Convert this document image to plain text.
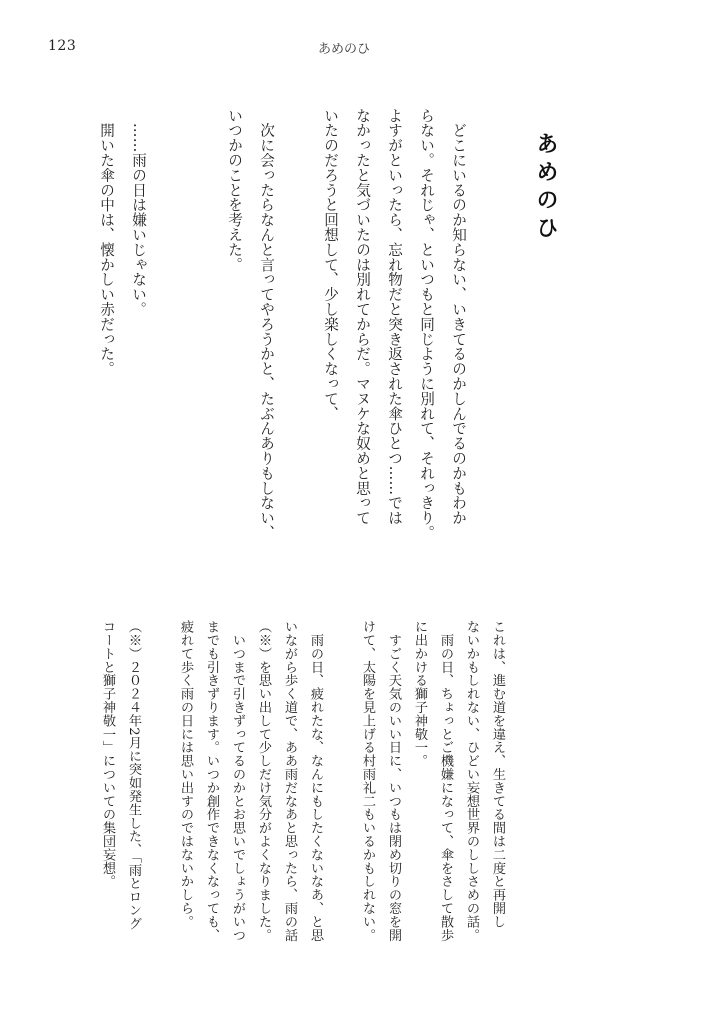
123	あめのひ
あめのひ

　どこにいるのか知らない、いきてるのかしんでるのかもわか

らない。それじゃ、といつもと同じように別れて、それっきり。

よすがといったら、忘れ物だと突き返された傘ひとつ……では

なかったと気づいたのは別れてからだ。マヌケな奴めと思って

いたのだろうと回想して、少し楽しくなって、

　次に会ったらなんと言ってやろうかと、たぶんありもしない、

いつかのことを考えた。

　……雨の日は嫌いじゃない。

　開いた傘の中は、懐かしい赤だった。

これは、進む道を違え、生きてる間は二度と再開し

ないかもしれない、ひどい妄想世界のししさめの話。

　雨の日、ちょっとご機嫌になって、傘をさして散歩

に出かける獅子神敬一。

　すごく天気のいい日に、いつもは閉め切りの窓を開

けて、太陽を見上げる村雨礼二もいるかもしれない。

　雨の日、疲れたな、なんにもしたくないなあ、と思

いながら歩く道で、ああ雨だなあと思ったら、雨の話

（※）を思い出して少しだけ気分がよくなりました。

　いつまで引きずってるのかとお思いでしょうがいつ

までも引きずります。いつか創作できなくなっても、

疲れて歩く雨の日には思い出すのではないかしら。

（※）２０２４年2月に突如発生した、「雨とロング

コートと獅子神敬一」についての集団妄想。
